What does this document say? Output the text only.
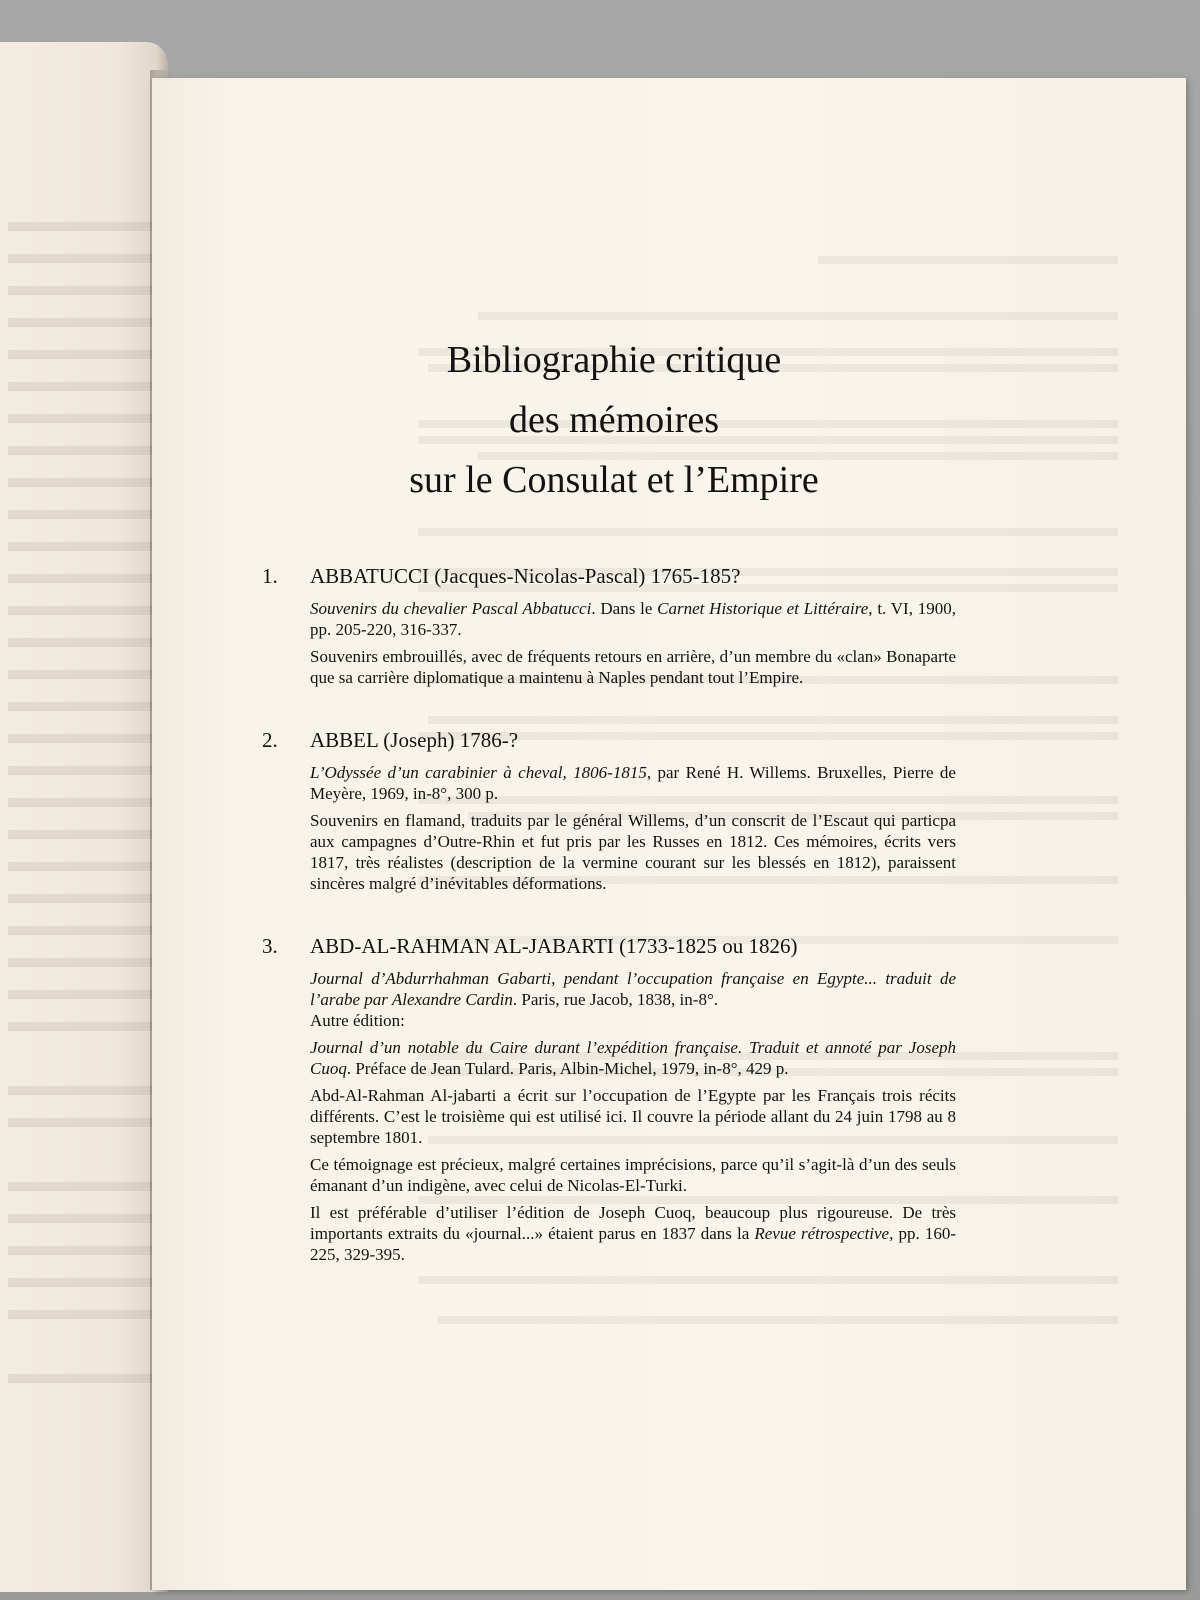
Bibliographie critique
des mémoires
sur le Consulat et l’Empire
1.	ABBATUCCI (Jacques-Nicolas-Pascal) 1765-185?

Souvenirs du chevalier Pascal Abbatucci. Dans le Carnet Historique et Littéraire, t. VI, 1900, pp. 205-220, 316-337.

Souvenirs embrouillés, avec de fréquents retours en arrière, d’un membre du «clan» Bonaparte que sa carrière diplomatique a maintenu à Naples pendant tout l’Empire.

2.	ABBEL (Joseph) 1786-?

L’Odyssée d’un carabinier à cheval, 1806-1815, par René H. Willems. Bruxelles, Pierre de Meyère, 1969, in-8°, 300 p.

Souvenirs en flamand, traduits par le général Willems, d’un conscrit de l’Escaut qui particpa aux campagnes d’Outre-Rhin et fut pris par les Russes en 1812. Ces mémoires, écrits vers 1817, très réalistes (description de la vermine courant sur les blessés en 1812), paraissent sincères malgré d’inévitables déformations.

3.	ABD-AL-RAHMAN AL-JABARTI (1733-1825 ou 1826)

Journal d’Abdurrhahman Gabarti, pendant l’occupation française en Egypte... traduit de l’arabe par Alexandre Cardin. Paris, rue Jacob, 1838, in-8°.

Autre édition:

Journal d’un notable du Caire durant l’expédition française. Traduit et annoté par Joseph Cuoq. Préface de Jean Tulard. Paris, Albin-Michel, 1979, in-8°, 429 p.

Abd-Al-Rahman Al-jabarti a écrit sur l’occupation de l’Egypte par les Français trois récits différents. C’est le troisième qui est utilisé ici. Il couvre la période allant du 24 juin 1798 au 8 septembre 1801.

Ce témoignage est précieux, malgré certaines imprécisions, parce qu’il s’agit-là d’un des seuls émanant d’un indigène, avec celui de Nicolas-El-Turki.

Il est préférable d’utiliser l’édition de Joseph Cuoq, beaucoup plus rigoureuse. De très importants extraits du «journal...» étaient parus en 1837 dans la Revue rétrospective, pp. 160-225, 329-395.
